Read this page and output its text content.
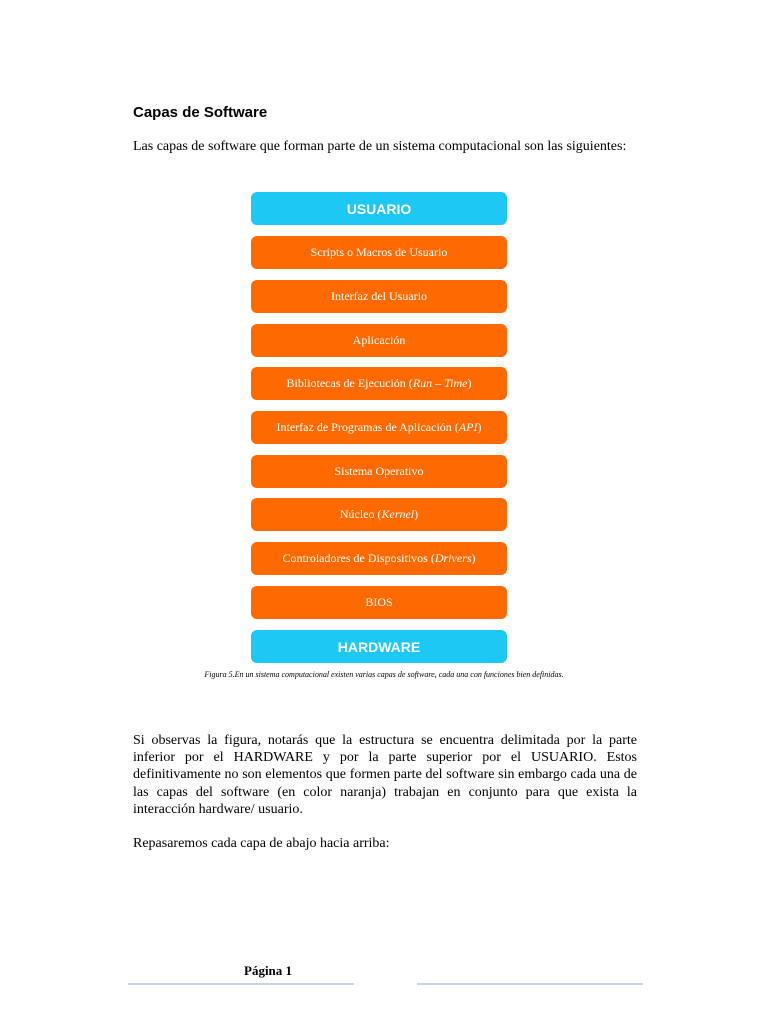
Capas de Software
Las capas de software que forman parte de un sistema computacional son las siguientes:
USUARIO
Scripts o Macros de Usuario
Interfaz del Usuario
Aplicación
Bibliotecas de Ejecución ( Run – Time )
Interfaz de Programas de Aplicación ( API )
Sistema Operativo
Núcleo ( Kernel )
Controladores de Dispositivos ( Drivers )
BIOS
HARDWARE
Figura 5.En un sistema computacional existen varias capas de software, cada una con funciones bien definidas.

Si observas la figura, notarás que la estructura se encuentra delimitada por la parte inferior por el HARDWARE y por la parte superior por el USUARIO. Estos definitivamente no son elementos que formen parte del software sin embargo cada una de las capas del software (en color naranja) trabajan en conjunto para que exista la interacción hardware/ usuario.

Repasaremos cada capa de abajo hacia arriba:
Página 1
